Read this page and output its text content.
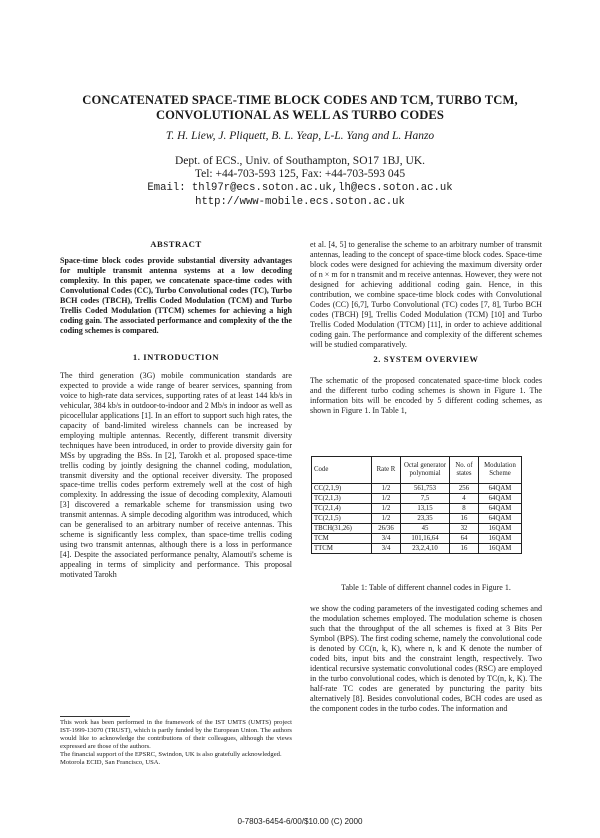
CONCATENATED SPACE-TIME BLOCK CODES AND TCM, TURBO TCM,
CONVOLUTIONAL AS WELL AS TURBO CODES
T. H. Liew, J. Pliquett, B. L. Yeap, L-L. Yang and L. Hanzo
Dept. of ECS., Univ. of Southampton, SO17 1BJ, UK.
Tel: +44-703-593 125, Fax: +44-703-593 045
Email: thl97r@ecs.soton.ac.uk,lh@ecs.soton.ac.uk
http://www-mobile.ecs.soton.ac.uk
ABSTRACT

Space-time block codes provide substantial diversity advantages for multiple transmit antenna systems at a low decoding complexity. In this paper, we concatenate space-time codes with Convolutional Codes (CC), Turbo Convolutional codes (TC), Turbo BCH codes (TBCH), Trellis Coded Modulation (TCM) and Turbo Trellis Coded Modulation (TTCM) schemes for achieving a high coding gain. The associated performance and complexity of the the coding schemes is compared.

1. INTRODUCTION

The third generation (3G) mobile communication standards are expected to provide a wide range of bearer services, spanning from voice to high-rate data services, supporting rates of at least 144 kb/s in vehicular, 384 kb/s in outdoor-to-indoor and 2 Mb/s in indoor as well as picocellular applications [1]. In an effort to support such high rates, the capacity of band-limited wireless channels can be increased by employing multiple antennas. Recently, different transmit diversity techniques have been introduced, in order to provide diversity gain for MSs by upgrading the BSs. In [2], Tarokh et al. proposed space-time trellis coding by jointly designing the channel coding, modulation, transmit diversity and the optional receiver diversity. The proposed space-time trellis codes perform extremely well at the cost of high complexity. In addressing the issue of decoding complexity, Alamouti [3] discovered a remarkable scheme for transmission using two transmit antennas. A simple decoding algorithm was introduced, which can be generalised to an arbitrary number of receive antennas. This scheme is significantly less complex, than space-time trellis coding using two transmit antennas, although there is a loss in performance [4]. Despite the associated performance penalty, Alamouti's scheme is appealing in terms of simplicity and performance. This proposal motivated Tarokh

This work has been performed in the framework of the IST UMTS (UMTS) project IST-1999-13070 (TRUST), which is partly funded by the European Union. The authors would like to acknowledge the contributions of their colleagues, although the views expressed are those of the authors.

The financial support of the EPSRC, Swindon, UK is also gratefully acknowledged.

Motorola ECID, San Francisco, USA.

et al. [4, 5] to generalise the scheme to an arbitrary number of transmit antennas, leading to the concept of space-time block codes. Space-time block codes were designed for achieving the maximum diversity order of n × m for n transmit and m receive antennas. However, they were not designed for achieving additional coding gain. Hence, in this contribution, we combine space-time block codes with Convolutional Codes (CC) [6,7], Turbo Convolutional (TC) codes [7, 8], Turbo BCH codes (TBCH) [9], Trellis Coded Modulation (TCM) [10] and Turbo Trellis Coded Modulation (TTCM) [11], in order to achieve additional coding gain. The performance and complexity of the different schemes will be studied comparatively.

2. SYSTEM OVERVIEW

The schematic of the proposed concatenated space-time block codes and the different turbo coding schemes is shown in Figure 1. The information bits will be encoded by 5 different coding schemes, as shown in Figure 1. In Table 1,

Code	Rate R	Octal generator polynomial	No. of states	Modulation Scheme
CC(2,1,9)	1/2	561,753	256	64QAM
TC(2,1,3)	1/2	7,5	4	64QAM
TC(2,1,4)	1/2	13,15	8	64QAM
TC(2,1,5)	1/2	23,35	16	64QAM
TBCH(31,26)	26/36	45	32	16QAM
TCM	3/4	101,16,64	64	16QAM
TTCM	3/4	23,2,4,10	16	16QAM
Table 1: Table of different channel codes in Figure 1.

we show the coding parameters of the investigated coding schemes and the modulation schemes employed. The modulation scheme is chosen such that the throughput of the all schemes is fixed at 3 Bits Per Symbol (BPS). The first coding scheme, namely the convolutional code is denoted by CC(n, k, K), where n, k and K denote the number of coded bits, input bits and the constraint length, respectively. Two identical recursive systematic convolutional codes (RSC) are employed in the turbo convolutional codes, which is denoted by TC(n, k, K). The half-rate TC codes are generated by puncturing the parity bits alternatively [8]. Besides convolutional codes, BCH codes are used as the component codes in the turbo codes. The information and

0-7803-6454-6/00/$10.00 (C) 2000
